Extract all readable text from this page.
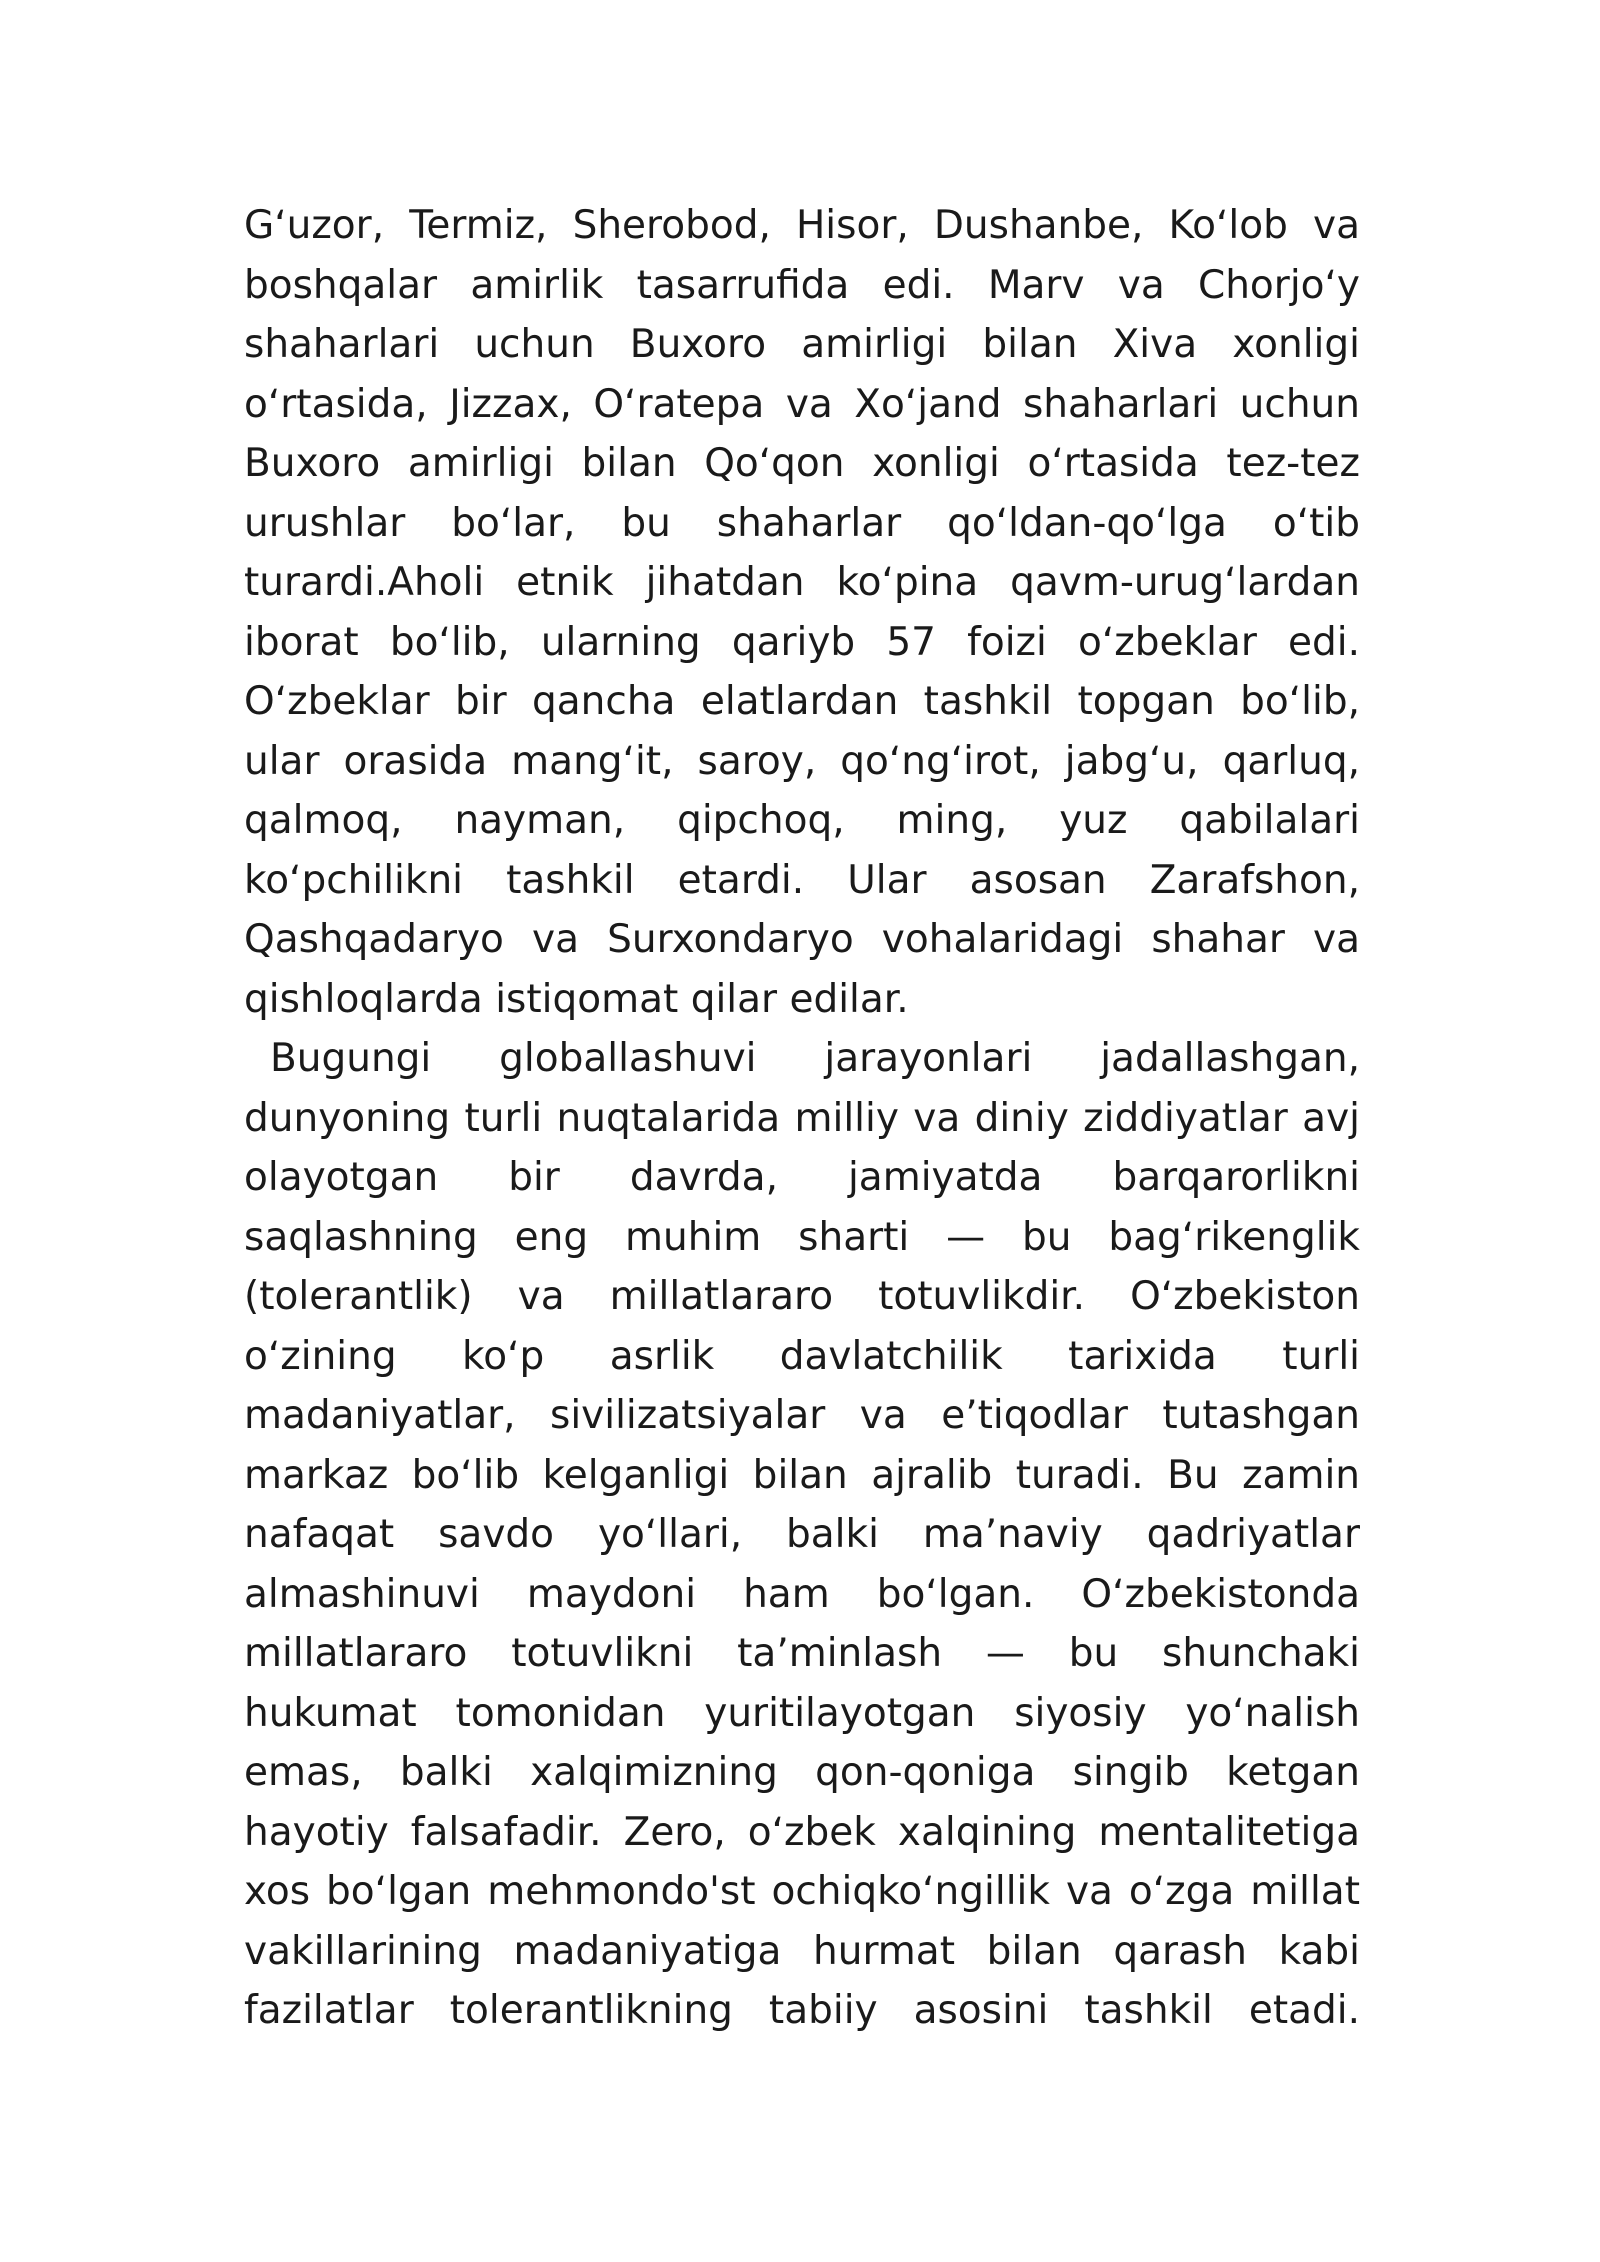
G‘uzor, Termiz, Sherobod, Hisor, Dushanbe, Ko‘lob va
boshqalar amirlik tasarrufida edi. Marv va Chorjo‘y
shaharlari uchun Buxoro amirligi bilan Xiva xonligi
o‘rtasida, Jizzax, O‘ratepa va Xo‘jand shaharlari uchun
Buxoro amirligi bilan Qo‘qon xonligi o‘rtasida tez-tez
urushlar bo‘lar, bu shaharlar qo‘ldan-qo‘lga o‘tib
turardi.Aholi etnik jihatdan ko‘pina qavm-urug‘lardan
iborat bo‘lib, ularning qariyb 57 foizi o‘zbeklar edi.
O‘zbeklar bir qancha elatlardan tashkil topgan bo‘lib,
ular orasida mang‘it, saroy, qo‘ng‘irot, jabg‘u, qarluq,
qalmoq, nayman, qipchoq, ming, yuz qabilalari
ko‘pchilikni tashkil etardi. Ular asosan Zarafshon,
Qashqadaryo va Surxondaryo vohalaridagi shahar va
qishloqlarda istiqomat qilar edilar.
Bugungi globallashuvi jarayonlari jadallashgan,
dunyoning turli nuqtalarida milliy va diniy ziddiyatlar avj
olayotgan bir davrda, jamiyatda barqarorlikni
saqlashning eng muhim sharti — bu bag‘rikenglik
(tolerantlik) va millatlararo totuvlikdir. O‘zbekiston
o‘zining ko‘p asrlik davlatchilik tarixida turli
madaniyatlar, sivilizatsiyalar va e’tiqodlar tutashgan
markaz bo‘lib kelganligi bilan ajralib turadi. Bu zamin
nafaqat savdo yo‘llari, balki ma’naviy qadriyatlar
almashinuvi maydoni ham bo‘lgan. O‘zbekistonda
millatlararo totuvlikni ta’minlash — bu shunchaki
hukumat tomonidan yuritilayotgan siyosiy yo‘nalish
emas, balki xalqimizning qon-qoniga singib ketgan
hayotiy falsafadir. Zero, o‘zbek xalqining mentalitetiga
xos bo‘lgan mehmondo'st ochiqko‘ngillik va o‘zga millat
vakillarining madaniyatiga hurmat bilan qarash kabi
fazilatlar tolerantlikning tabiiy asosini tashkil etadi.
